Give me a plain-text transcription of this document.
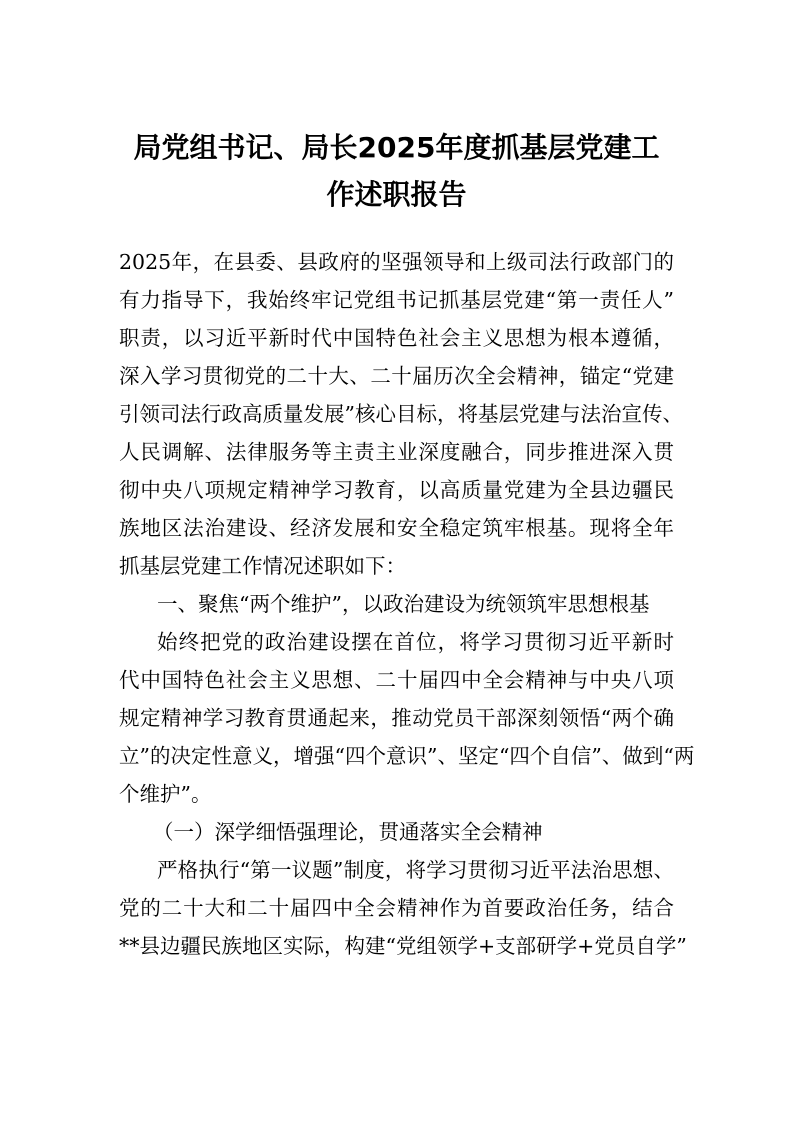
局党组书记、局长2025年度抓基层党建工
作述职报告
2025年，在县委、县政府的坚强领导和上级司法行政部门的
有力指导下，我始终牢记党组书记抓基层党建“第一责任人”
职责，以习近平新时代中国特色社会主义思想为根本遵循，
深入学习贯彻党的二十大、二十届历次全会精神，锚定“党建
引领司法行政高质量发展”核心目标，将基层党建与法治宣传、
人民调解、法律服务等主责主业深度融合，同步推进深入贯
彻中央八项规定精神学习教育，以高质量党建为全县边疆民
族地区法治建设、经济发展和安全稳定筑牢根基。现将全年
抓基层党建工作情况述职如下：
一、聚焦“两个维护”，以政治建设为统领筑牢思想根基
始终把党的政治建设摆在首位，将学习贯彻习近平新时
代中国特色社会主义思想、二十届四中全会精神与中央八项
规定精神学习教育贯通起来，推动党员干部深刻领悟“两个确
立”的决定性意义，增强“四个意识”、坚定“四个自信”、做到“两
个维护”。
（一）深学细悟强理论，贯通落实全会精神
严格执行“第一议题”制度，将学习贯彻习近平法治思想、
党的二十大和二十届四中全会精神作为首要政治任务，结合
**县边疆民族地区实际，构建“党组领学+支部研学+党员自学”
